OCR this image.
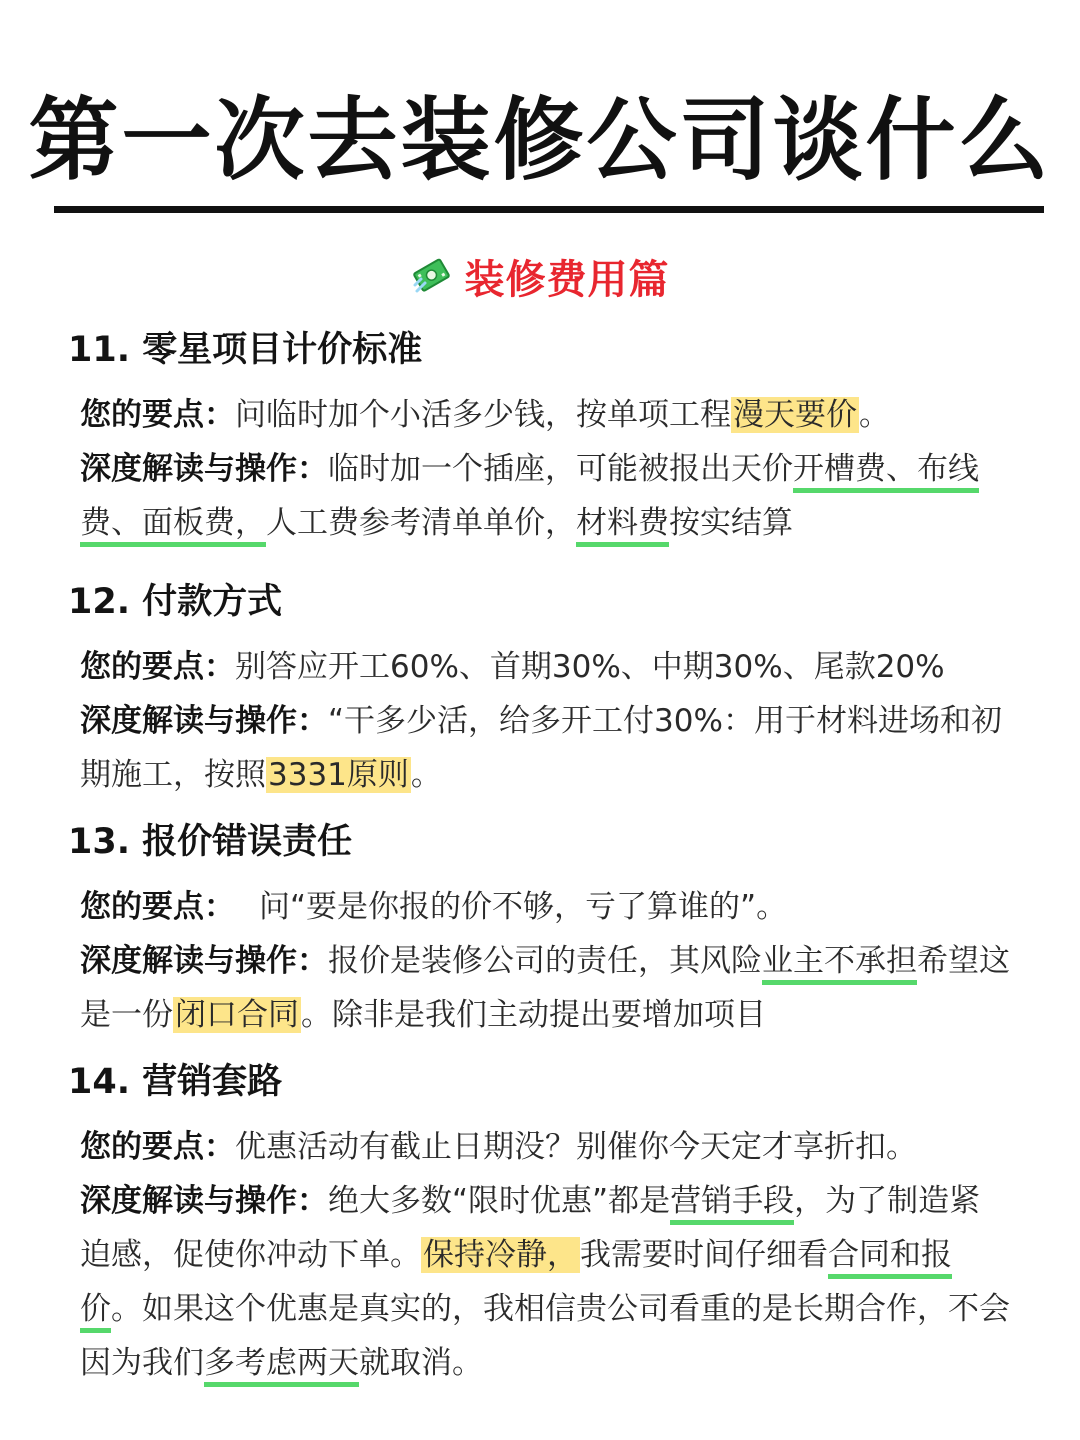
第一次去装修公司谈什么
装修费用篇
11. 零星项目计价标准
您的要点：问临时加个小活多少钱，按单项工程漫天要价。
深度解读与操作：临时加一个插座，可能被报出天价开槽费、布线费、面板费，人工费参考清单单价，材料费按实结算
12. 付款方式
您的要点：别答应开工60%、首期30%、中期30%、尾款20%
深度解读与操作：“干多少活，给多开工付30%：用于材料进场和初期施工，按照3331原则。
13. 报价错误责任
您的要点： 问“要是你报的价不够，亏了算谁的”。
深度解读与操作：报价是装修公司的责任，其风险业主不承担希望这是一份闭口合同。除非是我们主动提出要增加项目
14. 营销套路
您的要点：优惠活动有截止日期没？别催你今天定才享折扣。
深度解读与操作：绝大多数“限时优惠”都是营销手段，为了制造紧迫感，促使你冲动下单。保持冷静，我需要时间仔细看合同和报价。如果这个优惠是真实的，我相信贵公司看重的是长期合作，不会因为我们多考虑两天就取消。
